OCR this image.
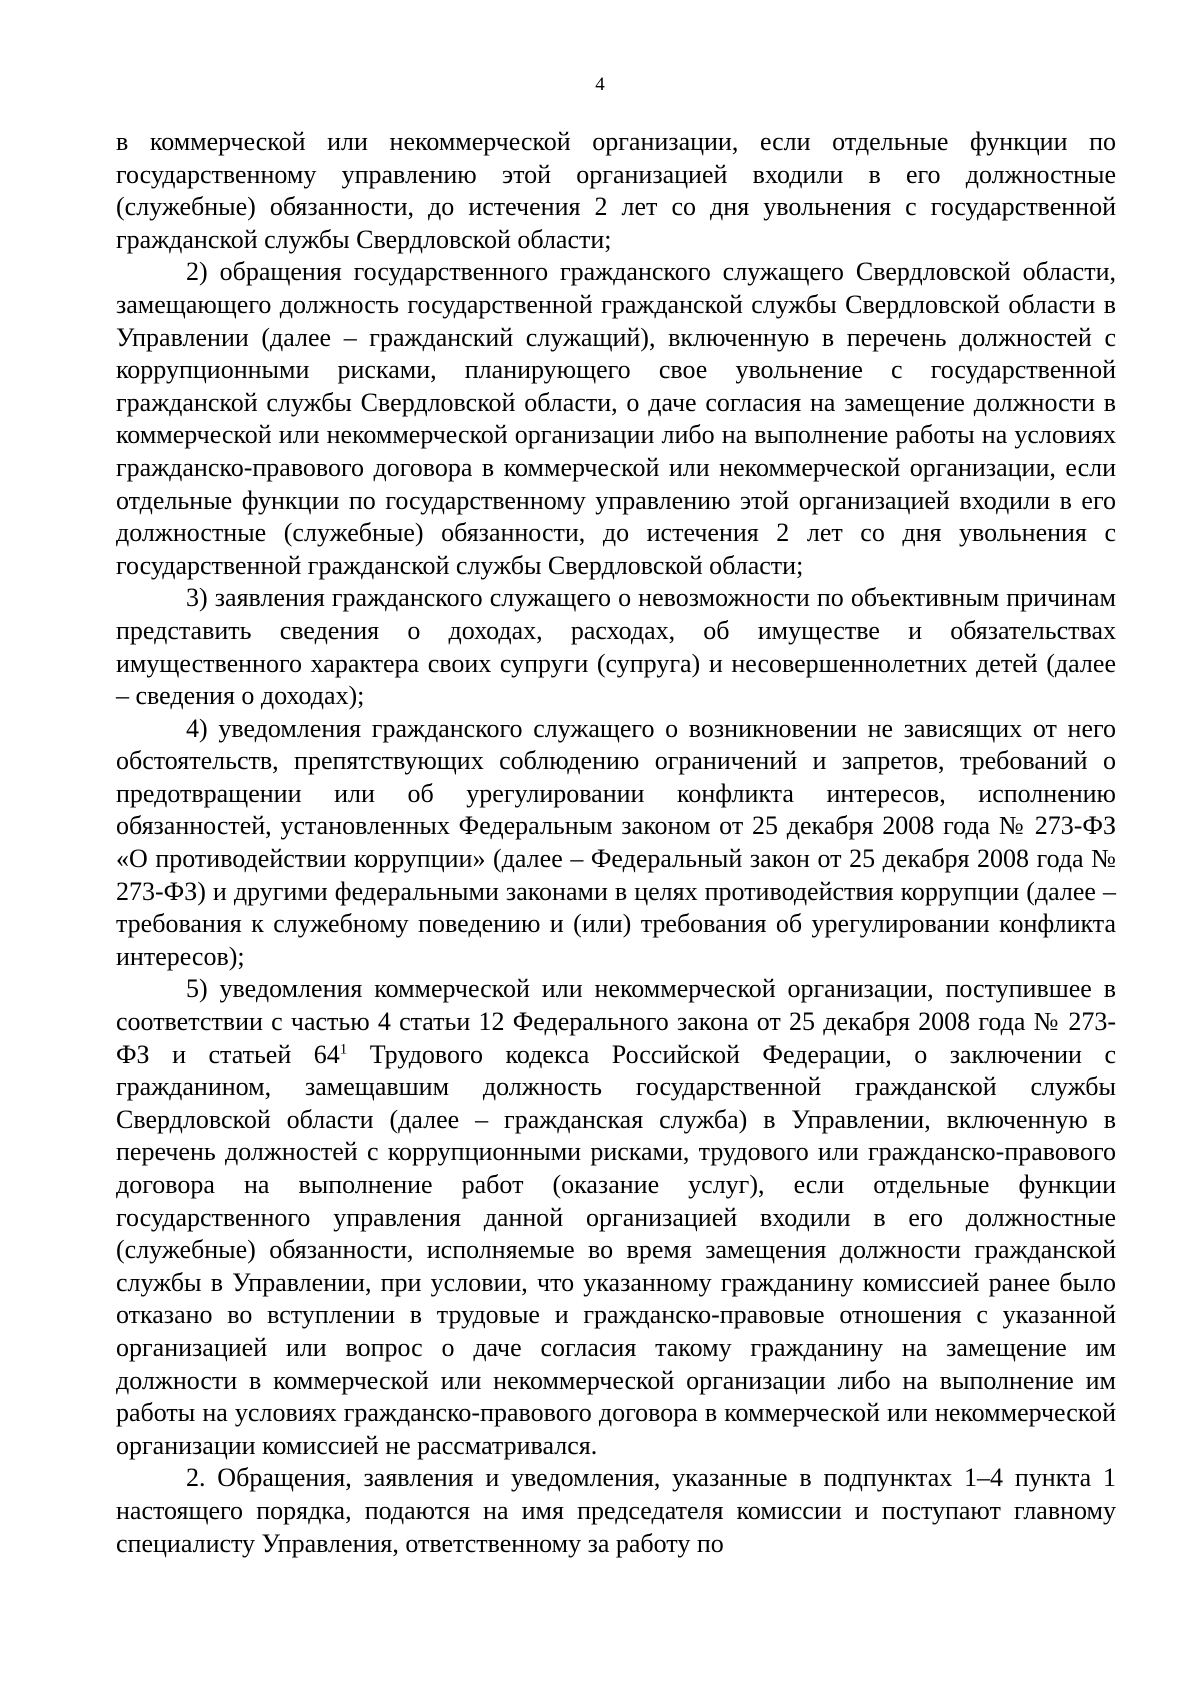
4

в коммерческой или некоммерческой организации, если отдельные функции по государственному управлению этой организацией входили в его должностные (служебные) обязанности, до истечения 2 лет со дня увольнения с государственной гражданской службы Свердловской области;

2) обращения государственного гражданского служащего Свердловской области, замещающего должность государственной гражданской службы Свердловской области в Управлении (далее – гражданский служащий), включенную в перечень должностей с коррупционными рисками, планирующего свое увольнение с государственной гражданской службы Свердловской области, о даче согласия на замещение должности в коммерческой или некоммерческой организации либо на выполнение работы на условиях гражданско-правового договора в коммерческой или некоммерческой организации, если отдельные функции по государственному управлению этой организацией входили в его должностные (служебные) обязанности, до истечения 2 лет со дня увольнения с государственной гражданской службы Свердловской области;

3) заявления гражданского служащего о невозможности по объективным причинам представить сведения о доходах, расходах, об имуществе и обязательствах имущественного характера своих супруги (супруга) и несовершеннолетних детей (далее – сведения о доходах);

4) уведомления гражданского служащего о возникновении не зависящих от него обстоятельств, препятствующих соблюдению ограничений и запретов, требований о предотвращении или об урегулировании конфликта интересов, исполнению обязанностей, установленных Федеральным законом от 25 декабря 2008 года № 273-ФЗ «О противодействии коррупции» (далее – Федеральный закон от 25 декабря 2008 года № 273-ФЗ) и другими федеральными законами в целях противодействия коррупции (далее – требования к служебному поведению и (или) требования об урегулировании конфликта интересов);

5) уведомления коммерческой или некоммерческой организации, поступившее в соответствии с частью 4 статьи 12 Федерального закона от 25 декабря 2008 года № 273-ФЗ и статьей $64^1$ Трудового кодекса Российской Федерации, о заключении с гражданином, замещавшим должность государственной гражданской службы Свердловской области (далее – гражданская служба) в Управлении, включенную в перечень должностей с коррупционными рисками, трудового или гражданско-правового договора на выполнение работ (оказание услуг), если отдельные функции государственного управления данной организацией входили в его должностные (служебные) обязанности, исполняемые во время замещения должности гражданской службы в Управлении, при условии, что указанному гражданину комиссией ранее было отказано во вступлении в трудовые и гражданско-правовые отношения с указанной организацией или вопрос о даче согласия такому гражданину на замещение им должности в коммерческой или некоммерческой организации либо на выполнение им работы на условиях гражданско-правового договора в коммерческой или некоммерческой организации комиссией не рассматривался.

2. Обращения, заявления и уведомления, указанные в подпунктах 1–4 пункта 1 настоящего порядка, подаются на имя председателя комиссии и поступают главному специалисту Управления, ответственному за работу по
